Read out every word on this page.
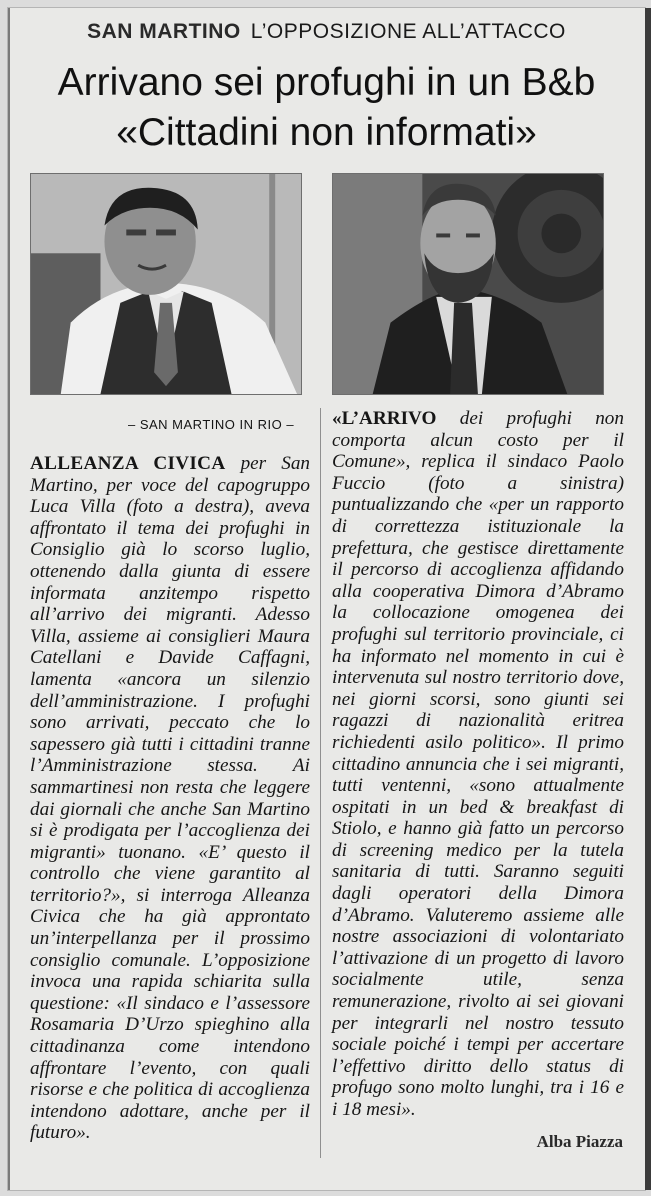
SAN MARTINO L’OPPOSIZIONE ALL’ATTACCO
Arrivano sei profughi in un B&b
«Cittadini non informati»
– SAN MARTINO IN RIO –

ALLEANZA CIVICA per San Martino, per voce del capogruppo Luca Villa (foto a destra), aveva affrontato il tema dei profughi in Consiglio già lo scorso luglio, ottenendo dalla giunta di essere informata anzitempo rispetto all’arrivo dei migranti. Adesso Villa, assieme ai consiglieri Maura Catellani e Davide Caffagni, lamenta «ancora un silenzio dell’amministrazione. I profughi sono arrivati, peccato che lo sapessero già tutti i cittadini tranne l’Amministrazione stessa. Ai sammartinesi non resta che leggere dai giornali che anche San Martino si è prodigata per l’accoglienza dei migranti» tuonano. «E’ questo il controllo che viene garantito al territorio?», si interroga Alleanza Civica che ha già approntato un’interpellanza per il prossimo consiglio comunale. L’opposizione invoca una rapida schiarita sulla questione: «Il sindaco e l’assessore Rosamaria D’Urzo spieghino alla cittadinanza come intendono affrontare l’evento, con quali risorse e che politica di accoglienza intendono adottare, anche per il futuro».

«L’ARRIVO dei profughi non comporta alcun costo per il Comune», replica il sindaco Paolo Fuccio (foto a sinistra) puntualizzando che «per un rapporto di correttezza istituzionale la prefettura, che gestisce direttamente il percorso di accoglienza affidando alla cooperativa Dimora d’Abramo la collocazione omogenea dei profughi sul territorio provinciale, ci ha informato nel momento in cui è intervenuta sul nostro territorio dove, nei giorni scorsi, sono giunti sei ragazzi di nazionalità eritrea richiedenti asilo politico». Il primo cittadino annuncia che i sei migranti, tutti ventenni, «sono attualmente ospitati in un bed & breakfast di Stiolo, e hanno già fatto un percorso di screening medico per la tutela sanitaria di tutti. Saranno seguiti dagli operatori della Dimora d’Abramo. Valuteremo assieme alle nostre associazioni di volontariato l’attivazione di un progetto di lavoro socialmente utile, senza remunerazione, rivolto ai sei giovani per integrarli nel nostro tessuto sociale poiché i tempi per accertare l’effettivo diritto dello status di profugo sono molto lunghi, tra i 16 e i 18 mesi».

Alba Piazza
